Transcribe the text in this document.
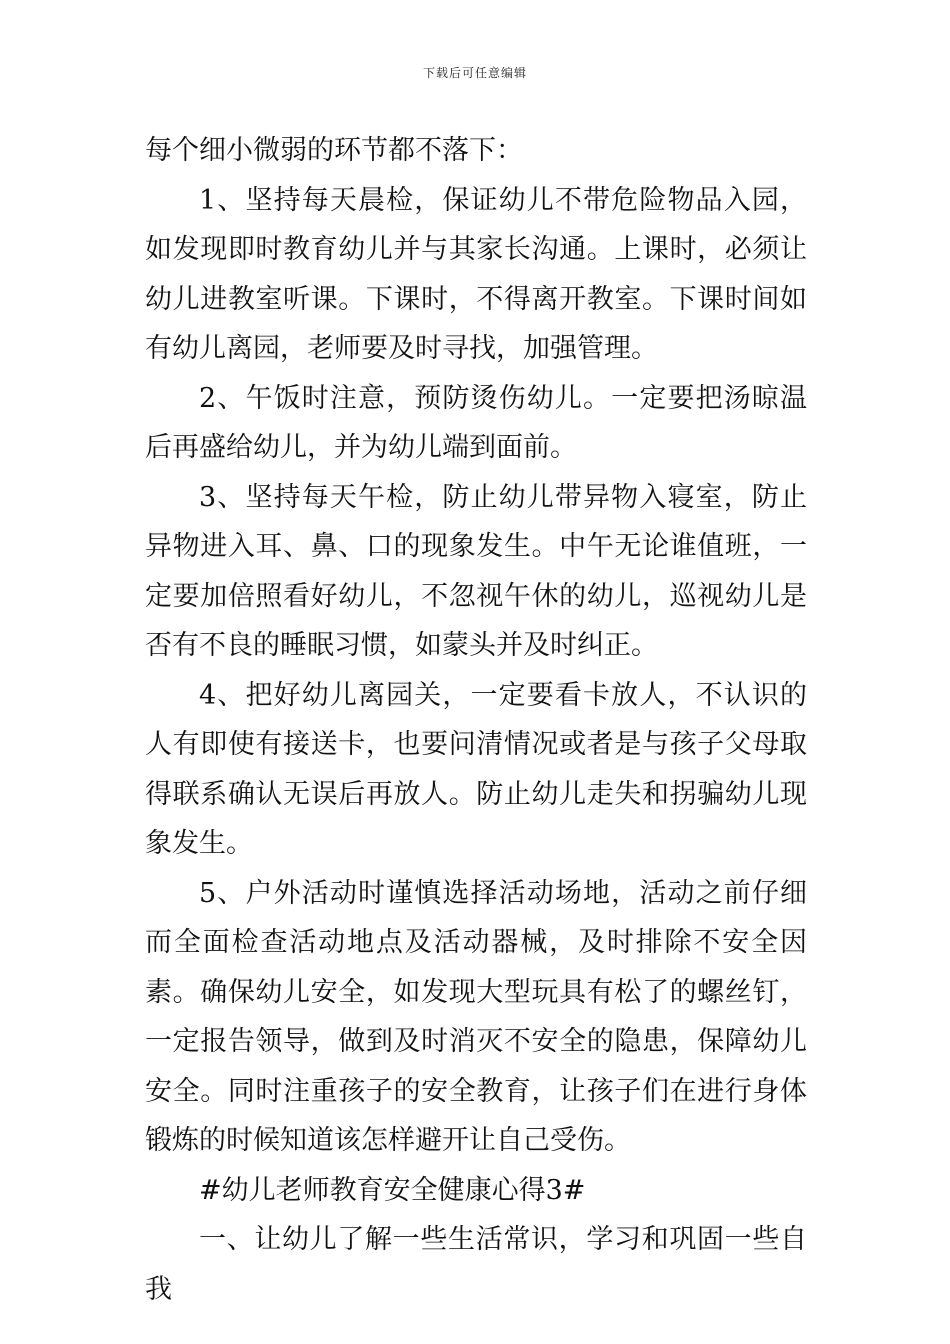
下载后可任意编辑

每个细小微弱的环节都不落下：

1、坚持每天晨检，保证幼儿不带危险物品入园，如发现即时教育幼儿并与其家长沟通。上课时，必须让幼儿进教室听课。下课时，不得离开教室。下课时间如有幼儿离园，老师要及时寻找，加强管理。

2、午饭时注意，预防烫伤幼儿。一定要把汤晾温后再盛给幼儿，并为幼儿端到面前。

3、坚持每天午检，防止幼儿带异物入寝室，防止异物进入耳、鼻、口的现象发生。中午无论谁值班，一定要加倍照看好幼儿，不忽视午休的幼儿，巡视幼儿是否有不良的睡眠习惯，如蒙头并及时纠正。

4、把好幼儿离园关，一定要看卡放人，不认识的人有即使有接送卡，也要问清情况或者是与孩子父母取得联系确认无误后再放人。防止幼儿走失和拐骗幼儿现象发生。

5、户外活动时谨慎选择活动场地，活动之前仔细而全面检查活动地点及活动器械，及时排除不安全因素。确保幼儿安全，如发现大型玩具有松了的螺丝钉，一定报告领导，做到及时消灭不安全的隐患，保障幼儿安全。同时注重孩子的安全教育，让孩子们在进行身体锻炼的时候知道该怎样避开让自己受伤。

#幼儿老师教育安全健康心得3#

一、让幼儿了解一些生活常识，学习和巩固一些自我
